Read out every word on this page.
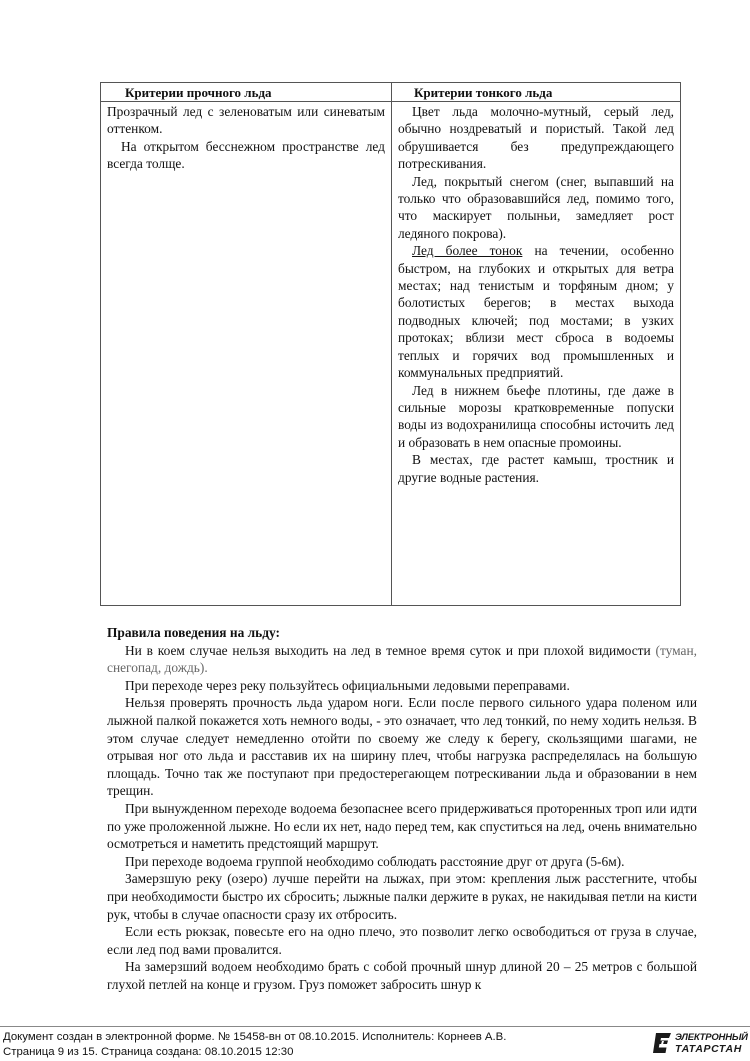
Критерии прочного льда	Критерии тонкого льда

Прозрачный лед с зеленоватым или синеватым оттенком.

На открытом бесснежном пространстве лед всегда толще.

Цвет льда молочно-мутный, серый лед, обычно ноздреватый и пористый. Такой лед обрушивается без предупреждающего потрескивания.

Лед, покрытый снегом (снег, выпавший на только что образовавшийся лед, помимо того, что маскирует полыньи, замедляет рост ледяного покрова).

Лед более тонок на течении, особенно быстром, на глубоких и открытых для ветра местах; над тенистым и торфяным дном; у болотистых берегов; в местах выхода подводных ключей; под мостами; в узких протоках; вблизи мест сброса в водоемы теплых и горячих вод промышленных и коммунальных предприятий.

Лед в нижнем бьефе плотины, где даже в сильные морозы кратковременные попуски воды из водохранилища способны источить лед и образовать в нем опасные промоины.

В местах, где растет камыш, тростник и другие водные растения.

Правила поведения на льду:

Ни в коем случае нельзя выходить на лед в темное время суток и при плохой видимости (туман, снегопад, дождь).

При переходе через реку пользуйтесь официальными ледовыми переправами.

Нельзя проверять прочность льда ударом ноги. Если после первого сильного удара поленом или лыжной палкой покажется хоть немного воды, - это означает, что лед тонкий, по нему ходить нельзя. В этом случае следует немедленно отойти по своему же следу к берегу, скользящими шагами, не отрывая ног ото льда и расставив их на ширину плеч, чтобы нагрузка распределялась на большую площадь. Точно так же поступают при предостерегающем потрескивании льда и образовании в нем трещин.

При вынужденном переходе водоема безопаснее всего придерживаться проторенных троп или идти по уже проложенной лыжне. Но если их нет, надо перед тем, как спуститься на лед, очень внимательно осмотреться и наметить предстоящий маршрут.

При переходе водоема группой необходимо соблюдать расстояние друг от друга (5-6м).

Замерзшую реку (озеро) лучше перейти на лыжах, при этом: крепления лыж расстегните, чтобы при необходимости быстро их сбросить; лыжные палки держите в руках, не накидывая петли на кисти рук, чтобы в случае опасности сразу их отбросить.

Если есть рюкзак, повесьте его на одно плечо, это позволит легко освободиться от груза в случае, если лед под вами провалится.

На замерзший водоем необходимо брать с собой прочный шнур длиной 20 – 25 метров с большой глухой петлей на конце и грузом. Груз поможет забросить шнур к

Документ создан в электронной форме. № 15458-вн от 08.10.2015. Исполнитель: Корнеев А.В.
Страница 9 из 15. Страница создана: 08.10.2015 12:30
ЭЛЕКТРОННЫЙ
ТАТАРСТАН
